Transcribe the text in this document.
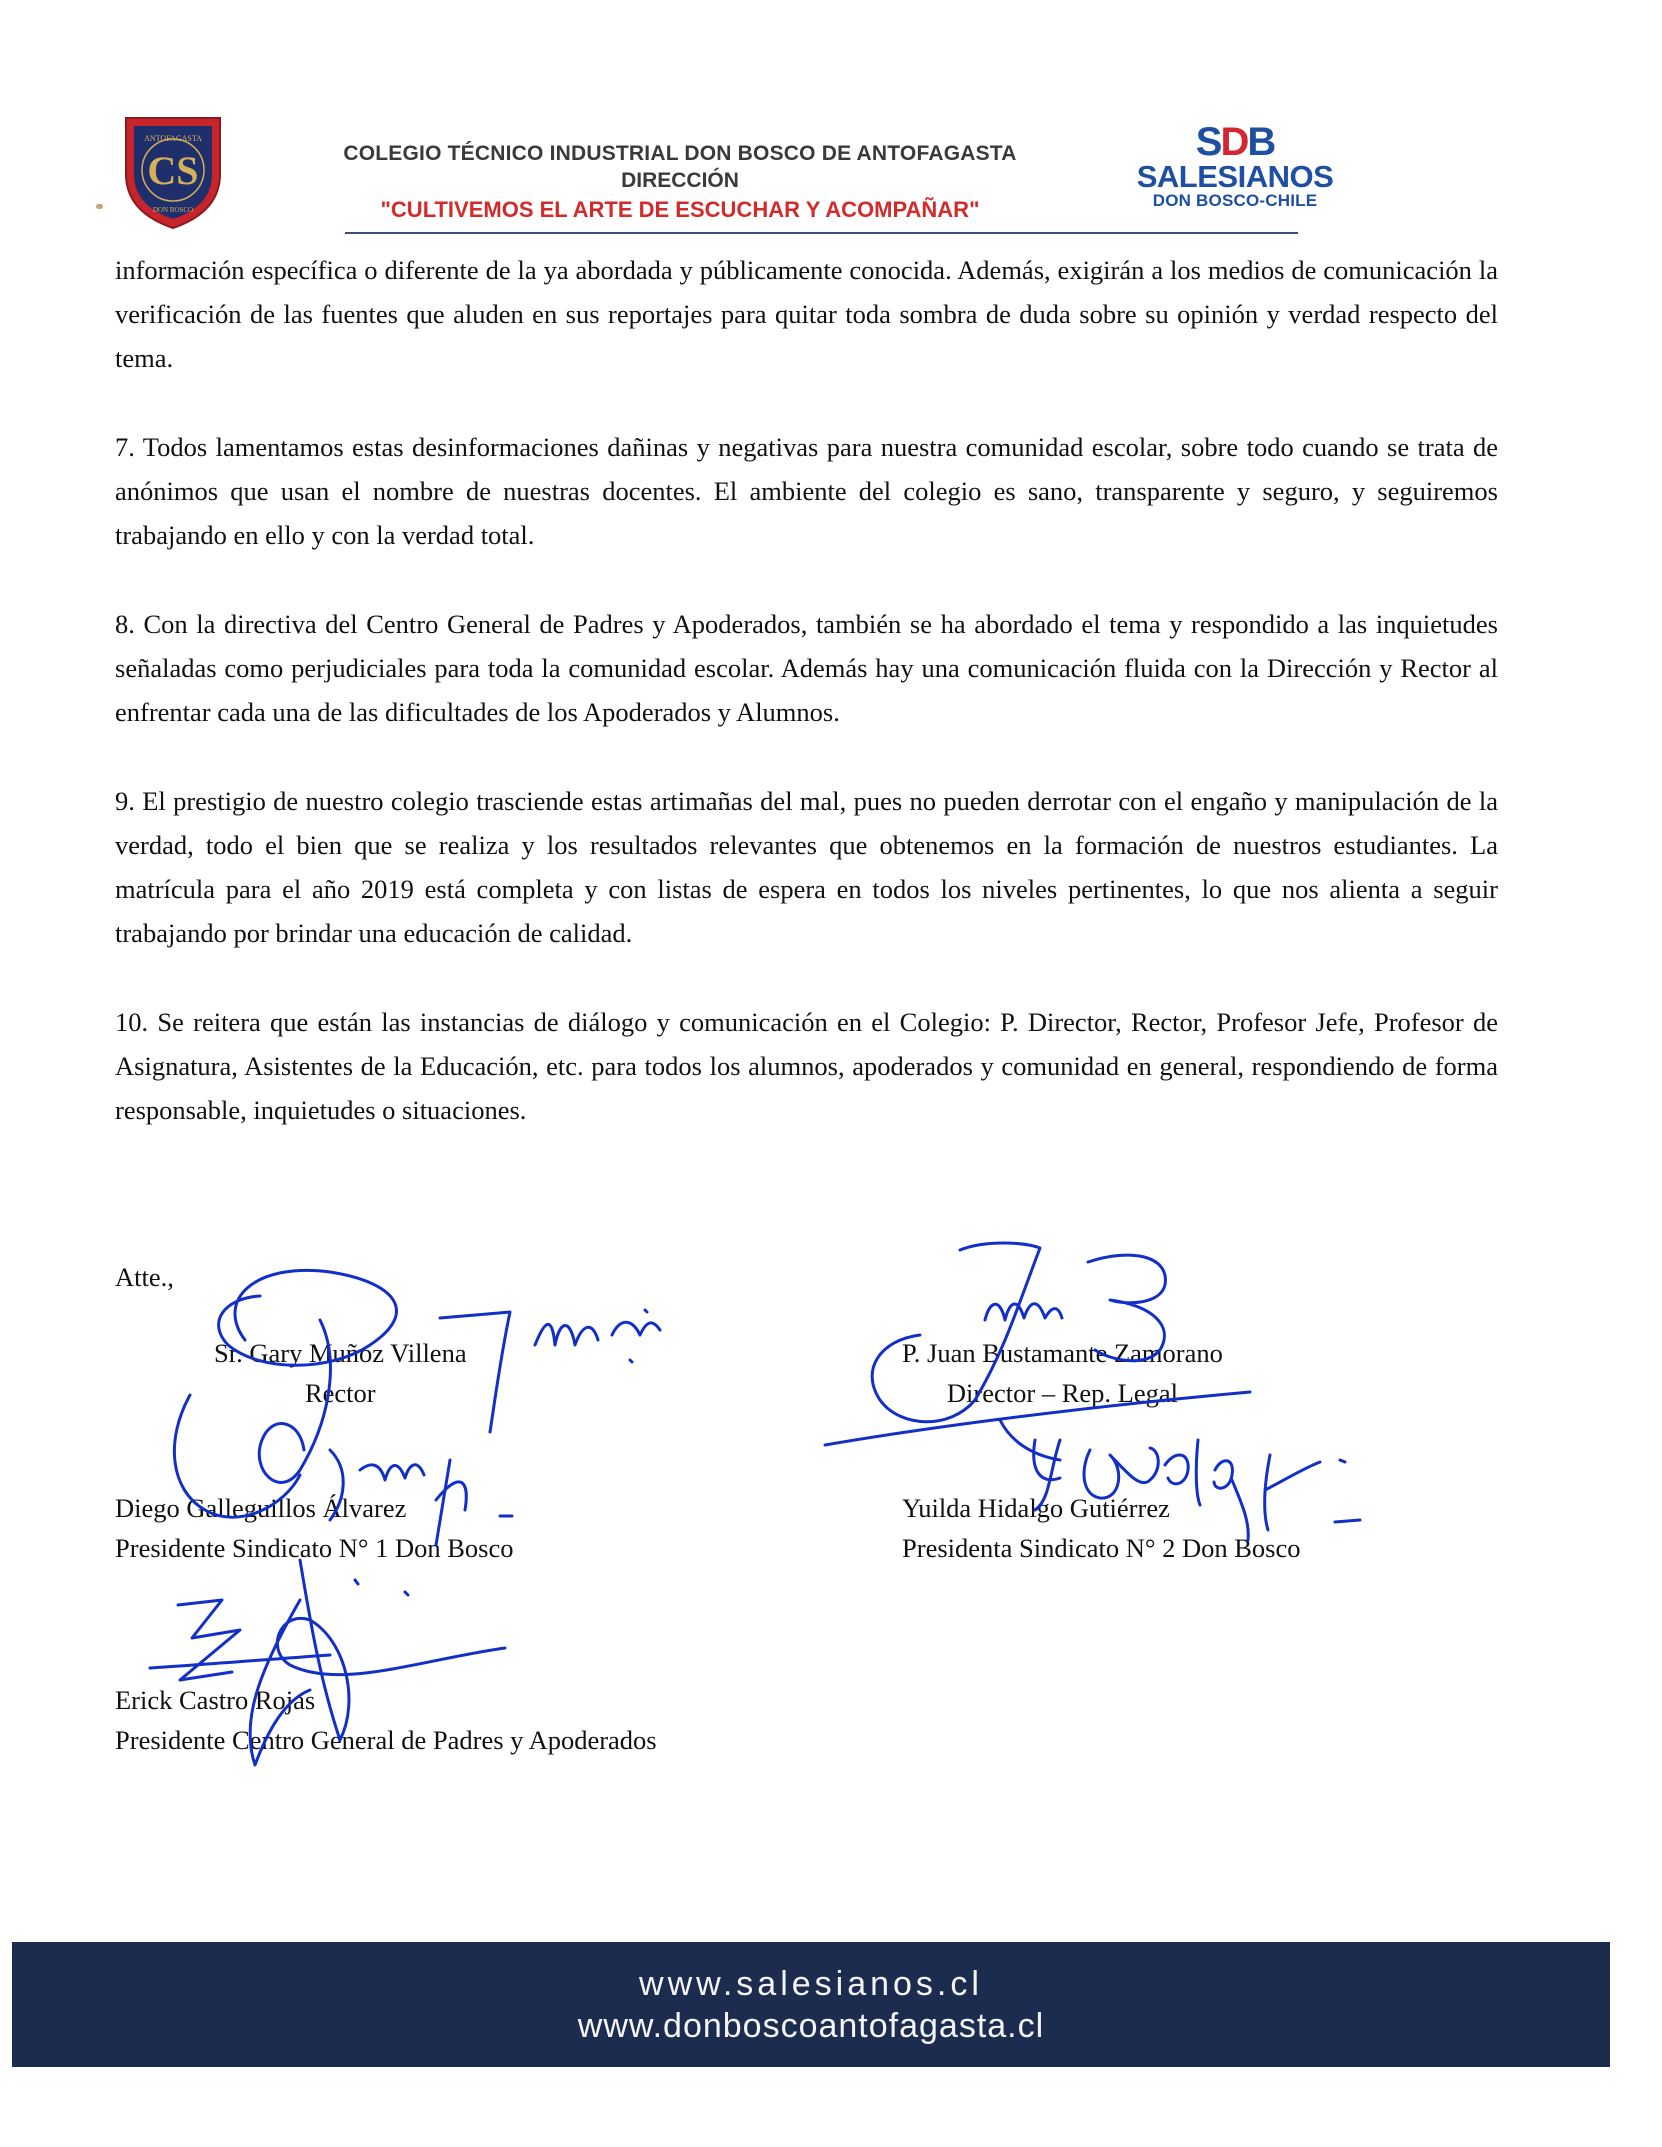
CS
ANTOFAGASTA
DON BOSCO
COLEGIO TÉCNICO INDUSTRIAL DON BOSCO DE ANTOFAGASTA
DIRECCIÓN
"CULTIVEMOS EL ARTE DE ESCUCHAR Y ACOMPAÑAR"
SDB
SALESIANOS
DON BOSCO-CHILE

información específica o diferente de la ya abordada y públicamente conocida. Además, exigirán a los medios de comunicación la verificación de las fuentes que aluden en sus reportajes para quitar toda sombra de duda sobre su opinión y verdad respecto del tema.

7. Todos lamentamos estas desinformaciones dañinas y negativas para nuestra comunidad escolar, sobre todo cuando se trata de anónimos que usan el nombre de nuestras docentes. El ambiente del colegio es sano, transparente y seguro, y seguiremos trabajando en ello y con la verdad total.

8. Con la directiva del Centro General de Padres y Apoderados, también se ha abordado el tema y respondido a las inquietudes señaladas como perjudiciales para toda la comunidad escolar. Además hay una comunicación fluida con la Dirección y Rector al enfrentar cada una de las dificultades de los Apoderados y Alumnos.

9. El prestigio de nuestro colegio trasciende estas artimañas del mal, pues no pueden derrotar con el engaño y manipulación de la verdad, todo el bien que se realiza y los resultados relevantes que obtenemos en la formación de nuestros estudiantes. La matrícula para el año 2019 está completa y con listas de espera en todos los niveles pertinentes, lo que nos alienta a seguir trabajando por brindar una educación de calidad.

10. Se reitera que están las instancias de diálogo y comunicación en el Colegio: P. Director, Rector, Profesor Jefe, Profesor de Asignatura, Asistentes de la Educación, etc. para todos los alumnos, apoderados y comunidad en general, respondiendo de forma responsable, inquietudes o situaciones.

Atte.,
Sr. Gary Muñoz Villena
Rector
P. Juan Bustamante Zamorano
Director – Rep. Legal
Diego Galleguillos Álvarez
Presidente Sindicato N° 1 Don Bosco
Yuilda Hidalgo Gutiérrez
Presidenta Sindicato N° 2 Don Bosco
Erick Castro Rojas
Presidente Centro General de Padres y Apoderados
www.salesianos.cl
www.donboscoantofagasta.cl
